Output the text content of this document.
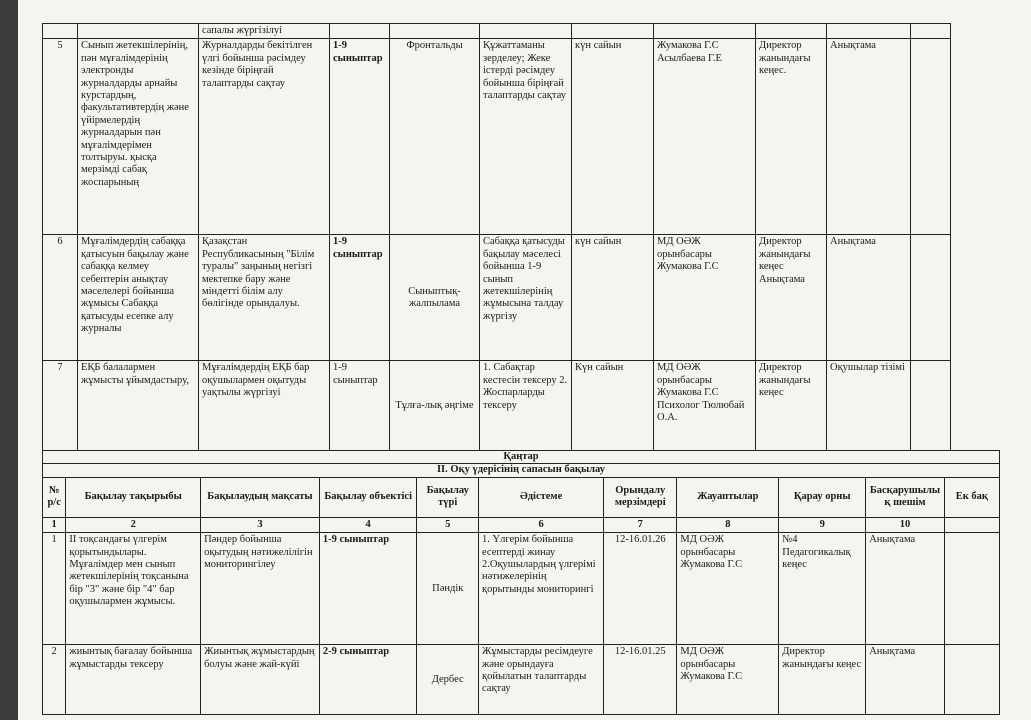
		сапалы жүргізілуі								
5	Сынып жетекшілерінің, пән мұғалімдерінің электронды журналдарды арнайы курстардың, факультативтердің және үйірмелердің журналдарын пән мұғалімдерімен толтыруы. қысқа мерзімді сабақ жоспарының	Журналдарды бекітілген үлгі бойынша рәсімдеу кезінде біріңғай талаптарды сақтау	1-9 сыныптар	Фронтальды	Құжаттаманы зерделеу; Жеке істерді рәсімдеу бойынша біріңғай талаптарды сақтау	күн сайын	Жумакова Г.С Асылбаева Г.Е	Директор жанындағы кеңес.	Анықтама	
6	Мұғалімдердің сабаққа қатысуын бақылау және сабаққа келмеу себептерін анықтау мәселелері бойынша жұмысы Сабаққа қатысуды есепке алу журналы	Қазақстан Республикасының "Білім туралы" заңының негізгі мектепке бару және міндетті білім алу бөлігінде орындалуы.	1-9 сыныптар	Сыныптық-жалпылама	Сабаққа қатысуды бақылау мәселесі бойынша 1-9 сынып жетекшілерінің жұмысына талдау жүргізу	күн сайын	МД ОӘЖ орынбасары Жумакова Г.С	Директор жанындағы кеңес Анықтама	Анықтама	
7	ЕҚБ балалармен жұмысты ұйымдастыру,	Мұғалімдердің ЕҚБ бар оқушылармен оқытуды уақтылы жүргізуі	1-9 сыныптар	Тұлға-лық әңгіме	1. Сабақтар кестесін тексеру 2. Жоспарларды тексеру	Күн сайын	МД ОӘЖ орынбасары Жумакова Г.С Психолог Тюлюбай О.А.	Директор жанындағы кеңес	Оқушылар тізімі	
Қаңтар										
ІІ. Оқу үдерісінің сапасын бақылау										
№ р/с	Бақылау тақырыбы	Бақылаудың мақсаты	Бақылау объектісі	Бақылау түрі	Әдістеме	Орындалу мерзімдері	Жауаптылар	Қарау орны	Басқарушылық шешім	Ек бақ
1	2	3	4	5	6	7	8	9	10	
1	ІІ тоқсандағы үлгерім қорытындылары. Мұғалімдер мен сынып жетекшілерінің тоқсанына бір "3" және бір "4" бар оқушылармен жұмысы.	Пәндер бойынша оқытудың нәтижелілігін мониторингілеу	1-9 сыныптар	Пәндік	1. Үлгерім бойынша есептерді жинау 2.Оқушылардың үлгерімі нәтижелерінің қорытынды мониторингі	12-16.01.26	МД ОӘЖ орынбасары Жумакова Г.С	№4 Педагогикалық кеңес	Анықтама	
2	жиынтық бағалау бойынша жұмыстарды тексеру	Жиынтық жұмыстардың болуы және жай-күйі	2-9 сыныптар	Дербес	Жұмыстарды ресімдеуге және орындауға қойылатын талаптарды сақтау	12-16.01.25	МД ОӘЖ орынбасары Жумакова Г.С	Директор жанындағы кеңес	Анықтама	
